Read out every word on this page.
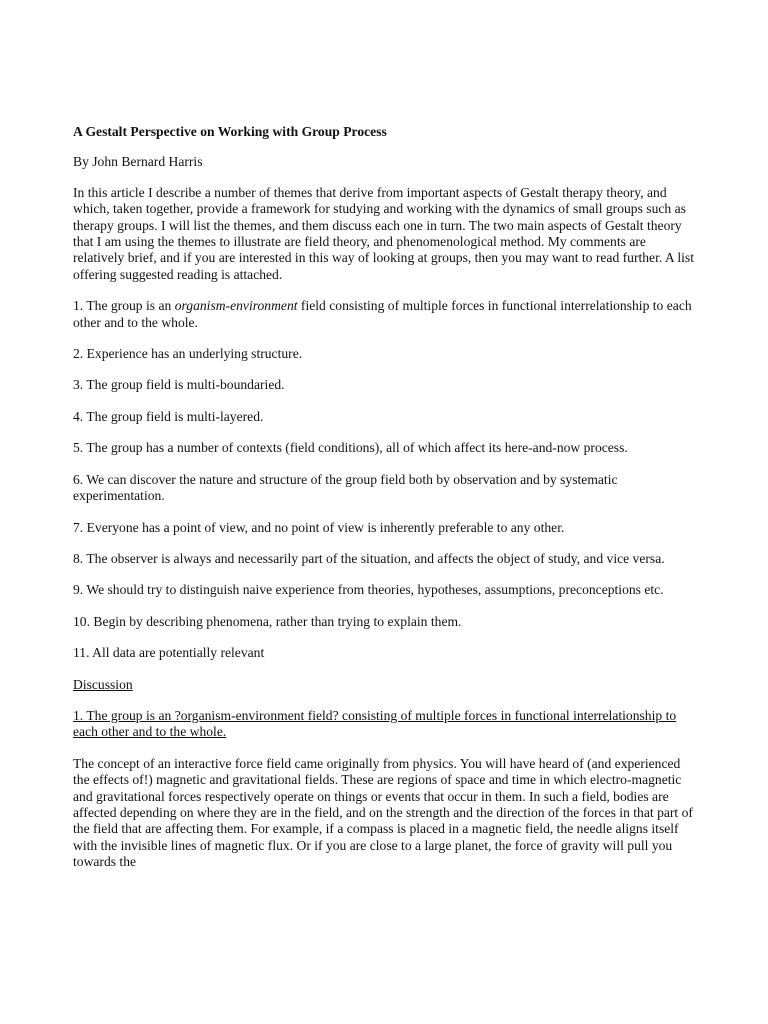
A Gestalt Perspective on Working with Group Process

By John Bernard Harris

In this article I describe a number of themes that derive from important aspects of Gestalt therapy theory, and which, taken together, provide a framework for studying and working with the dynamics of small groups such as therapy groups. I will list the themes, and them discuss each one in turn. The two main aspects of Gestalt theory that I am using the themes to illustrate are field theory, and phenomenological method. My comments are relatively brief, and if you are interested in this way of looking at groups, then you may want to read further. A list offering suggested reading is attached.

1. The group is an organism-environment field consisting of multiple forces in functional interrelationship to each other and to the whole.

2. Experience has an underlying structure.

3. The group field is multi-boundaried.

4. The group field is multi-layered.

5. The group has a number of contexts (field conditions), all of which affect its here-and-now process.

6. We can discover the nature and structure of the group field both by observation and by systematic experimentation.

7. Everyone has a point of view, and no point of view is inherently preferable to any other.

8. The observer is always and necessarily part of the situation, and affects the object of study, and vice versa.

9. We should try to distinguish naive experience from theories, hypotheses, assumptions, preconceptions etc.

10. Begin by describing phenomena, rather than trying to explain them.

11. All data are potentially relevant

Discussion

1. The group is an ?organism-environment field? consisting of multiple forces in functional interrelationship to each other and to the whole.

The concept of an interactive force field came originally from physics. You will have heard of (and experienced the effects of!) magnetic and gravitational fields. These are regions of space and time in which electro-magnetic and gravitational forces respectively operate on things or events that occur in them. In such a field, bodies are affected depending on where they are in the field, and on the strength and the direction of the forces in that part of the field that are affecting them. For example, if a compass is placed in a magnetic field, the needle aligns itself with the invisible lines of magnetic flux. Or if you are close to a large planet, the force of gravity will pull you towards the
